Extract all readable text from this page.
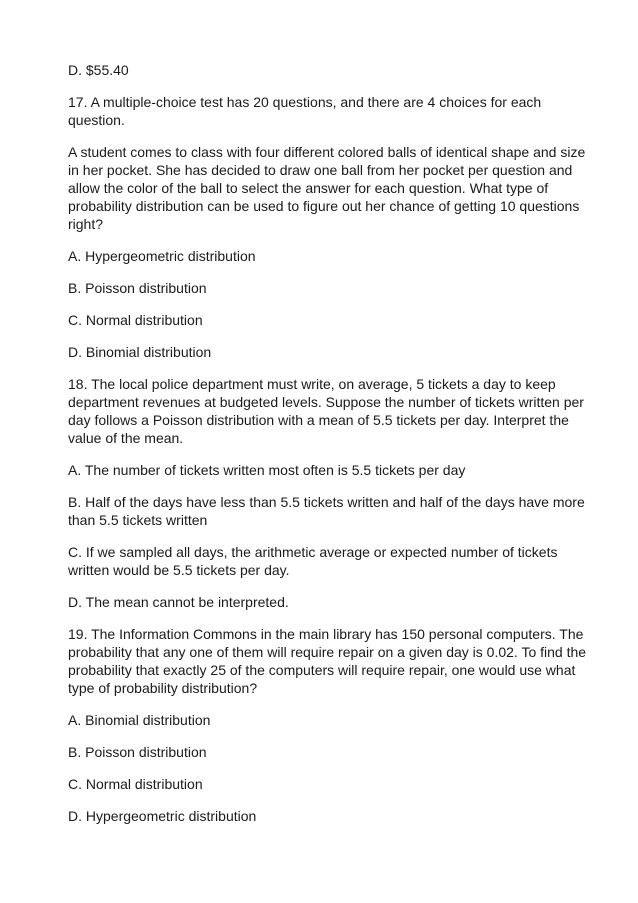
D. $55.40

17. A multiple-choice test has 20 questions, and there are 4 choices for each question.

A student comes to class with four different colored balls of identical shape and size in her pocket. She has decided to draw one ball from her pocket per question and allow the color of the ball to select the answer for each question. What type of probability distribution can be used to figure out her chance of getting 10 questions right?

A. Hypergeometric distribution

B. Poisson distribution

C. Normal distribution

D. Binomial distribution

18. The local police department must write, on average, 5 tickets a day to keep department revenues at budgeted levels. Suppose the number of tickets written per day follows a Poisson distribution with a mean of 5.5 tickets per day. Interpret the value of the mean.

A. The number of tickets written most often is 5.5 tickets per day

B. Half of the days have less than 5.5 tickets written and half of the days have more than 5.5 tickets written

C. If we sampled all days, the arithmetic average or expected number of tickets written would be 5.5 tickets per day.

D. The mean cannot be interpreted.

19. The Information Commons in the main library has 150 personal computers. The probability that any one of them will require repair on a given day is 0.02. To find the probability that exactly 25 of the computers will require repair, one would use what type of probability distribution?

A. Binomial distribution

B. Poisson distribution

C. Normal distribution

D. Hypergeometric distribution
